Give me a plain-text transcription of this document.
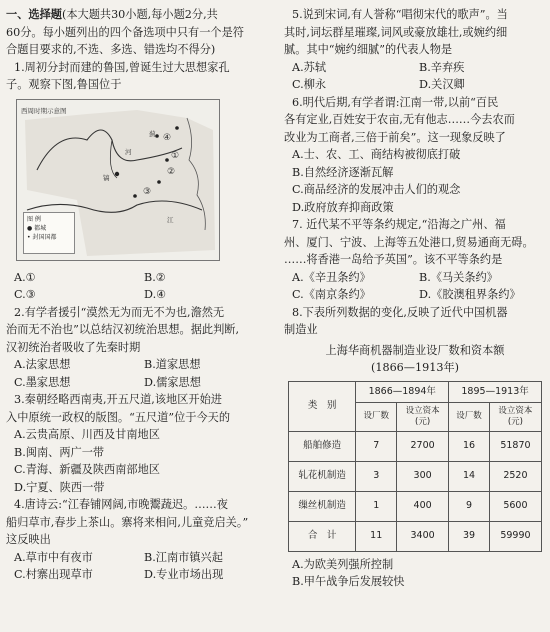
一、选择题(本大题共30小题,每小题2分,共
60分。每小题列出的四个备选项中只有一个是符
合题目要求的,不选、多选、错选均不得分)
1.周初分封而建的鲁国,曾诞生过大思想家孔
子。观察下图,鲁国位于
西周时期示意图
蓟 ④
①
②
③
镐
河
江
图 例
● 都城
• 封国国都
A.①	B.②
C.③	D.④
2.有学者援引“漠然无为而无不为也,澹然无
治而无不治也”以总结汉初统治思想。据此判断,
汉初统治者吸收了先秦时期
A.法家思想	B.道家思想
C.墨家思想	D.儒家思想
3.秦朝经略西南夷,开五尺道,该地区开始进
入中原统一政权的版图。“五尺道”位于今天的
A.云贵高原、川西及甘南地区
B.闽南、两广一带
C.青海、新疆及陕西南部地区
D.宁夏、陕西一带
4.唐诗云:“江春铺网阔,市晚鬻蔬迟。……夜
船归草市,春步上茶山。寨将来相问,儿童竞启关。”
这反映出
A.草市中有夜市	B.江南市镇兴起
C.村寨出现草市	D.专业市场出现
5.说到宋词,有人誉称“唱彻宋代的歌声”。当
其时,词坛群星璀璨,词风或豪放雄壮,或婉约细
腻。其中“婉约细腻”的代表人物是
A.苏轼	B.辛弃疾
C.柳永	D.关汉卿
6.明代后期,有学者谓:江南一带,以前“百民
各有定业,百姓安于农亩,无有他志……今去农而
改业为工商者,三倍于前矣”。这一现象反映了
A.士、农、工、商结构被彻底打破
B.自然经济逐渐瓦解
C.商品经济的发展冲击人们的观念
D.政府放弃抑商政策
7. 近代某不平等条约规定,“沿海之广州、福
州、厦门、宁波、上海等五处港口,贸易通商无碍。
……将香港一岛给予英国”。该不平等条约是
A.《辛丑条约》	B.《马关条约》
C.《南京条约》	D.《胶澳租界条约》
8.下表所列数据的变化,反映了近代中国机器
制造业
上海华商机器制造业设厂数和资本额
(1866—1913年)
类　别	1866—1894年		1895—1913年	
	设厂数	设立资本
(元)	设厂数	设立资本
(元)
船舶修造	7	2700	16	51870
轧花机制造	3	300	14	2520
缫丝机制造	1	400	9	5600
合　计	11	3400	39	59990
A.为欧美列强所控制
B.甲午战争后发展较快
